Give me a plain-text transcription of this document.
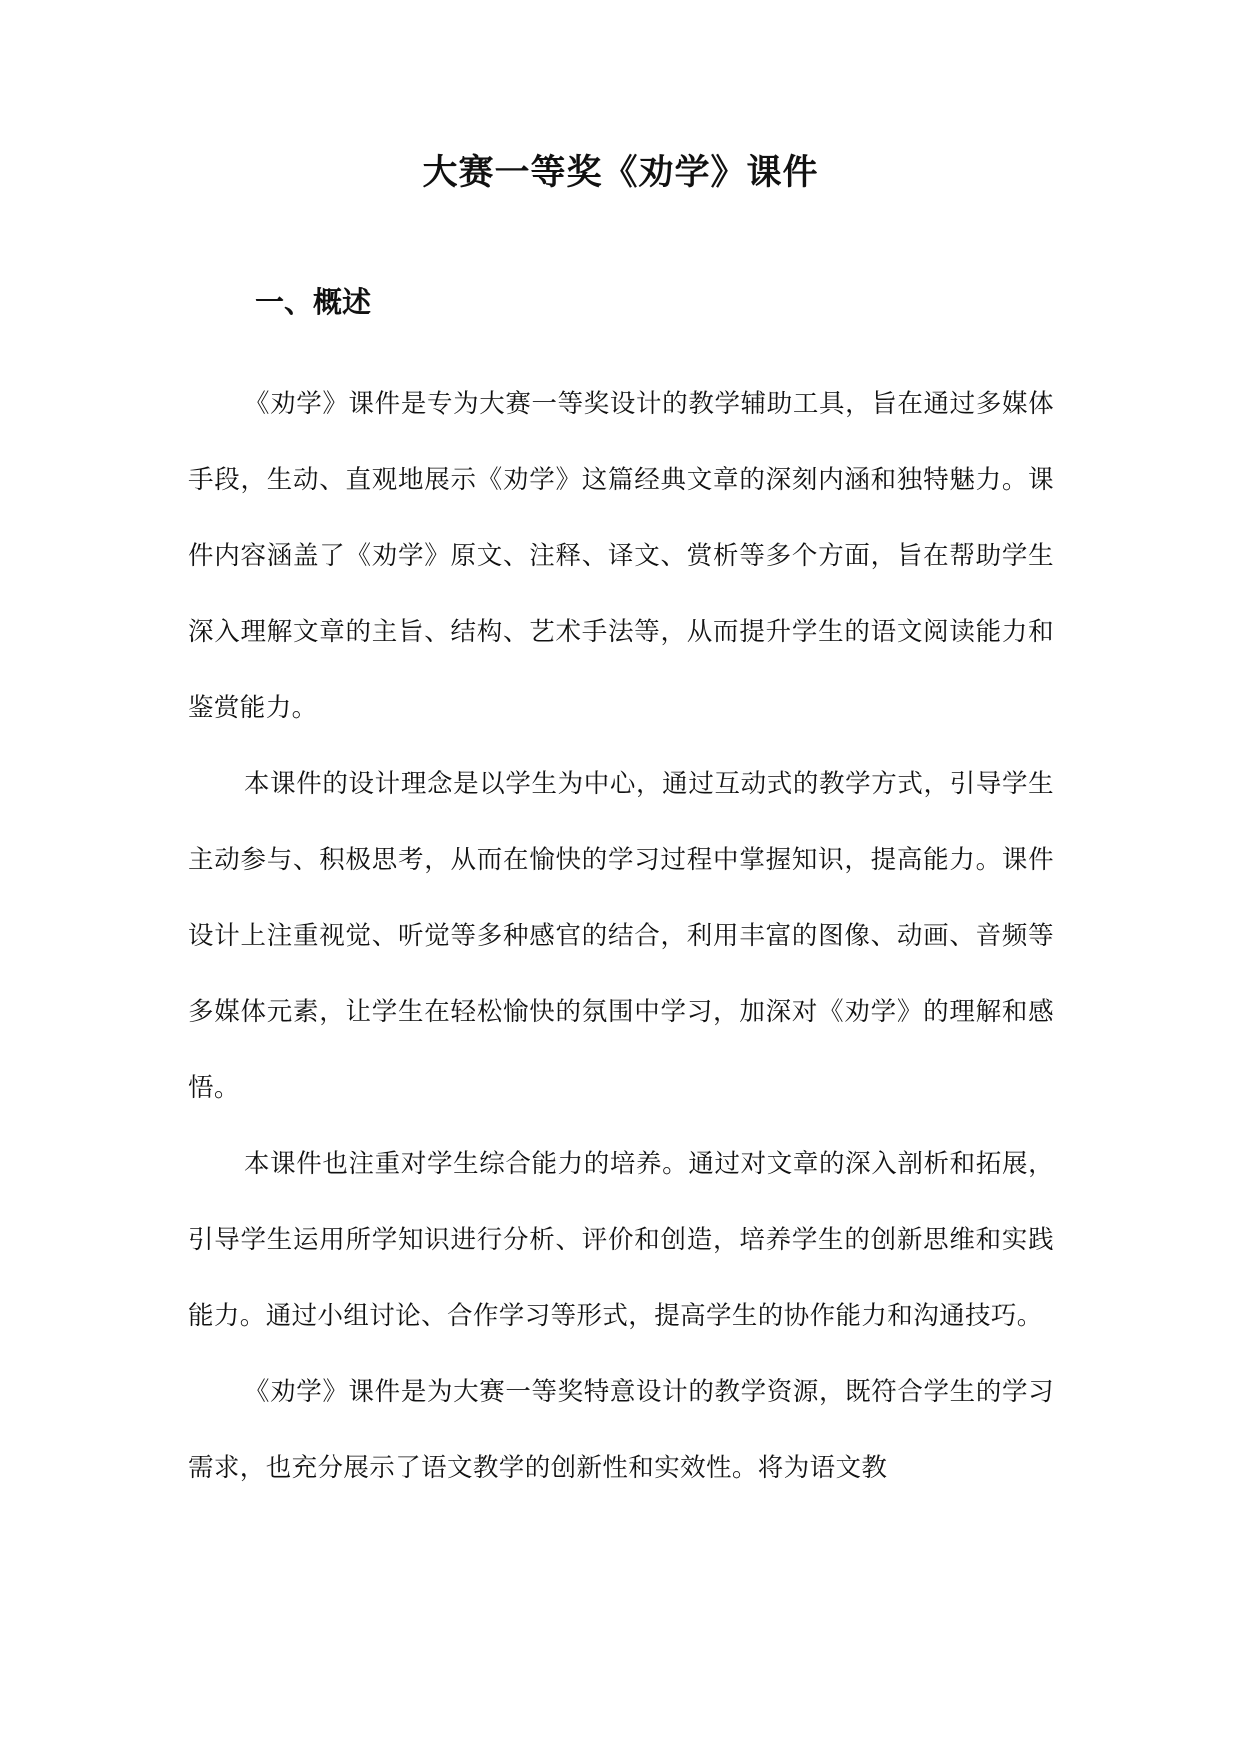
大赛一等奖《劝学》课件
一、概述

《劝学》课件是专为大赛一等奖设计的教学辅助工具，旨在通过多媒体手段，生动、直观地展示《劝学》这篇经典文章的深刻内涵和独特魅力。课件内容涵盖了《劝学》原文、注释、译文、赏析等多个方面，旨在帮助学生深入理解文章的主旨、结构、艺术手法等，从而提升学生的语文阅读能力和鉴赏能力。

本课件的设计理念是以学生为中心，通过互动式的教学方式，引导学生主动参与、积极思考，从而在愉快的学习过程中掌握知识，提高能力。课件设计上注重视觉、听觉等多种感官的结合，利用丰富的图像、动画、音频等多媒体元素，让学生在轻松愉快的氛围中学习，加深对《劝学》的理解和感悟。

本课件也注重对学生综合能力的培养。通过对文章的深入剖析和拓展，引导学生运用所学知识进行分析、评价和创造，培养学生的创新思维和实践能力。通过小组讨论、合作学习等形式，提高学生的协作能力和沟通技巧。

《劝学》课件是为大赛一等奖特意设计的教学资源，既符合学生的学习需求，也充分展示了语文教学的创新性和实效性。将为语文教
